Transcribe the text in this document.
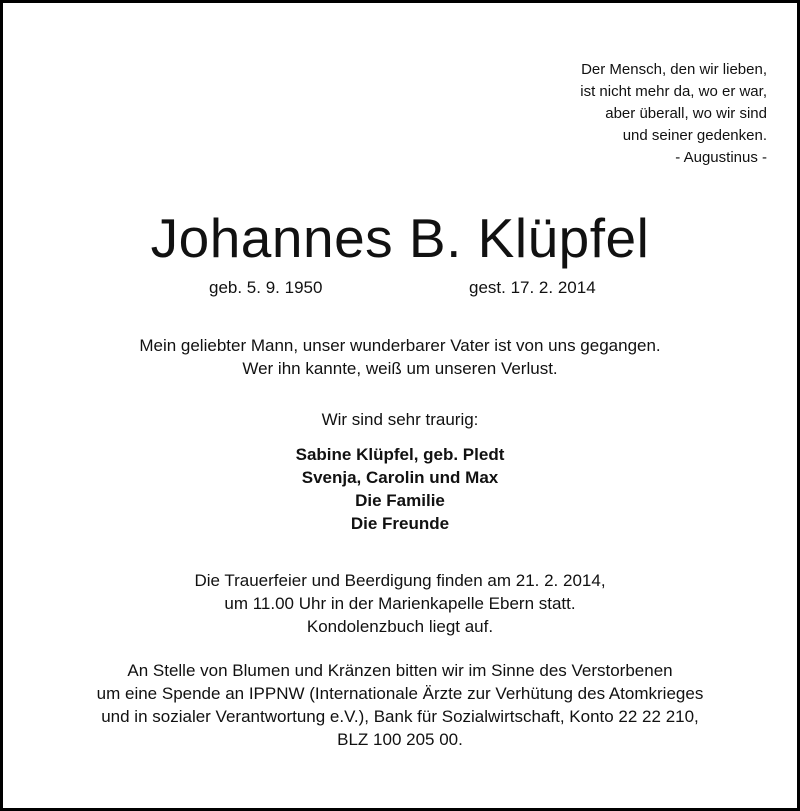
Der Mensch, den wir lieben,
ist nicht mehr da, wo er war,
aber überall, wo wir sind
und seiner gedenken.
- Augustinus -
Johannes B. Klüpfel
geb. 5. 9. 1950	gest. 17. 2. 2014
Mein geliebter Mann, unser wunderbarer Vater ist von uns gegangen.
Wer ihn kannte, weiß um unseren Verlust.
Wir sind sehr traurig:
Sabine Klüpfel, geb. Pledt
Svenja, Carolin und Max
Die Familie
Die Freunde
Die Trauerfeier und Beerdigung finden am 21. 2. 2014,
um 11.00 Uhr in der Marienkapelle Ebern statt.
Kondolenzbuch liegt auf.
An Stelle von Blumen und Kränzen bitten wir im Sinne des Verstorbenen
um eine Spende an IPPNW (Internationale Ärzte zur Verhütung des Atomkrieges
und in sozialer Verantwortung e.V.), Bank für Sozialwirtschaft, Konto 22 22 210,
BLZ 100 205 00.
